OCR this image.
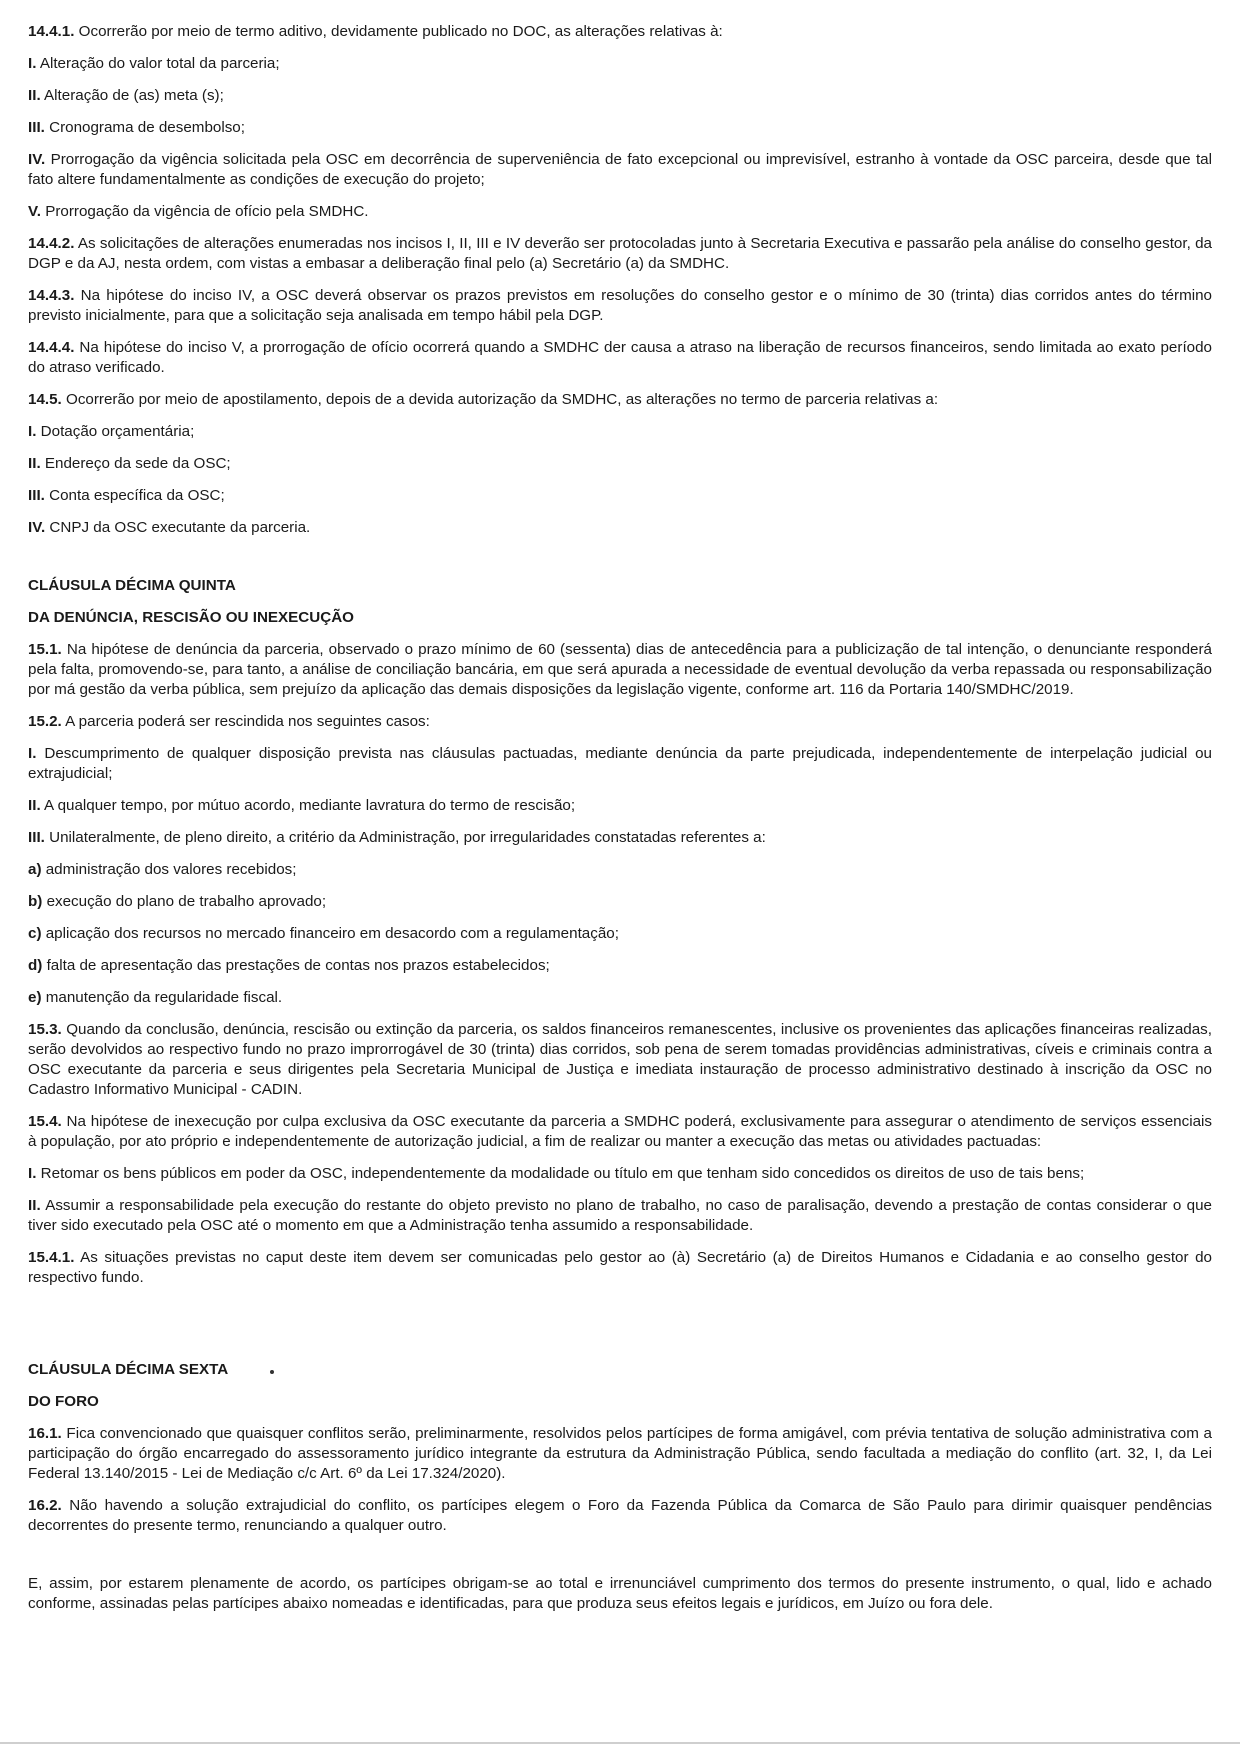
14.4.1. Ocorrerão por meio de termo aditivo, devidamente publicado no DOC, as alterações relativas à:

I. Alteração do valor total da parceria;

II. Alteração de (as) meta (s);

III. Cronograma de desembolso;

IV. Prorrogação da vigência solicitada pela OSC em decorrência de superveniência de fato excepcional ou imprevisível, estranho à vontade da OSC parceira, desde que tal fato altere fundamentalmente as condições de execução do projeto;

V. Prorrogação da vigência de ofício pela SMDHC.

14.4.2. As solicitações de alterações enumeradas nos incisos I, II, III e IV deverão ser protocoladas junto à Secretaria Executiva e passarão pela análise do conselho gestor, da DGP e da AJ, nesta ordem, com vistas a embasar a deliberação final pelo (a) Secretário (a) da SMDHC.

14.4.3. Na hipótese do inciso IV, a OSC deverá observar os prazos previstos em resoluções do conselho gestor e o mínimo de 30 (trinta) dias corridos antes do término previsto inicialmente, para que a solicitação seja analisada em tempo hábil pela DGP.

14.4.4. Na hipótese do inciso V, a prorrogação de ofício ocorrerá quando a SMDHC der causa a atraso na liberação de recursos financeiros, sendo limitada ao exato período do atraso verificado.

14.5. Ocorrerão por meio de apostilamento, depois de a devida autorização da SMDHC, as alterações no termo de parceria relativas a:

I. Dotação orçamentária;

II. Endereço da sede da OSC;

III. Conta específica da OSC;

IV. CNPJ da OSC executante da parceria.

CLÁUSULA DÉCIMA QUINTA

DA DENÚNCIA, RESCISÃO OU INEXECUÇÃO

15.1. Na hipótese de denúncia da parceria, observado o prazo mínimo de 60 (sessenta) dias de antecedência para a publicização de tal intenção, o denunciante responderá pela falta, promovendo-se, para tanto, a análise de conciliação bancária, em que será apurada a necessidade de eventual devolução da verba repassada ou responsabilização por má gestão da verba pública, sem prejuízo da aplicação das demais disposições da legislação vigente, conforme art. 116 da Portaria 140/SMDHC/2019.

15.2. A parceria poderá ser rescindida nos seguintes casos:

I. Descumprimento de qualquer disposição prevista nas cláusulas pactuadas, mediante denúncia da parte prejudicada, independentemente de interpelação judicial ou extrajudicial;

II. A qualquer tempo, por mútuo acordo, mediante lavratura do termo de rescisão;

III. Unilateralmente, de pleno direito, a critério da Administração, por irregularidades constatadas referentes a:

a) administração dos valores recebidos;

b) execução do plano de trabalho aprovado;

c) aplicação dos recursos no mercado financeiro em desacordo com a regulamentação;

d) falta de apresentação das prestações de contas nos prazos estabelecidos;

e) manutenção da regularidade fiscal.

15.3. Quando da conclusão, denúncia, rescisão ou extinção da parceria, os saldos financeiros remanescentes, inclusive os provenientes das aplicações financeiras realizadas, serão devolvidos ao respectivo fundo no prazo improrrogável de 30 (trinta) dias corridos, sob pena de serem tomadas providências administrativas, cíveis e criminais contra a OSC executante da parceria e seus dirigentes pela Secretaria Municipal de Justiça e imediata instauração de processo administrativo destinado à inscrição da OSC no Cadastro Informativo Municipal - CADIN.

15.4. Na hipótese de inexecução por culpa exclusiva da OSC executante da parceria a SMDHC poderá, exclusivamente para assegurar o atendimento de serviços essenciais à população, por ato próprio e independentemente de autorização judicial, a fim de realizar ou manter a execução das metas ou atividades pactuadas:

I. Retomar os bens públicos em poder da OSC, independentemente da modalidade ou título em que tenham sido concedidos os direitos de uso de tais bens;

II. Assumir a responsabilidade pela execução do restante do objeto previsto no plano de trabalho, no caso de paralisação, devendo a prestação de contas considerar o que tiver sido executado pela OSC até o momento em que a Administração tenha assumido a responsabilidade.

15.4.1. As situações previstas no caput deste item devem ser comunicadas pelo gestor ao (à) Secretário (a) de Direitos Humanos e Cidadania e ao conselho gestor do respectivo fundo.

CLÁUSULA DÉCIMA SEXTA

DO FORO

16.1. Fica convencionado que quaisquer conflitos serão, preliminarmente, resolvidos pelos partícipes de forma amigável, com prévia tentativa de solução administrativa com a participação do órgão encarregado do assessoramento jurídico integrante da estrutura da Administração Pública, sendo facultada a mediação do conflito (art. 32, I, da Lei Federal 13.140/2015 - Lei de Mediação c/c Art. 6º da Lei 17.324/2020).

16.2. Não havendo a solução extrajudicial do conflito, os partícipes elegem o Foro da Fazenda Pública da Comarca de São Paulo para dirimir quaisquer pendências decorrentes do presente termo, renunciando a qualquer outro.

E, assim, por estarem plenamente de acordo, os partícipes obrigam-se ao total e irrenunciável cumprimento dos termos do presente instrumento, o qual, lido e achado conforme, assinadas pelas partícipes abaixo nomeadas e identificadas, para que produza seus efeitos legais e jurídicos, em Juízo ou fora dele.
